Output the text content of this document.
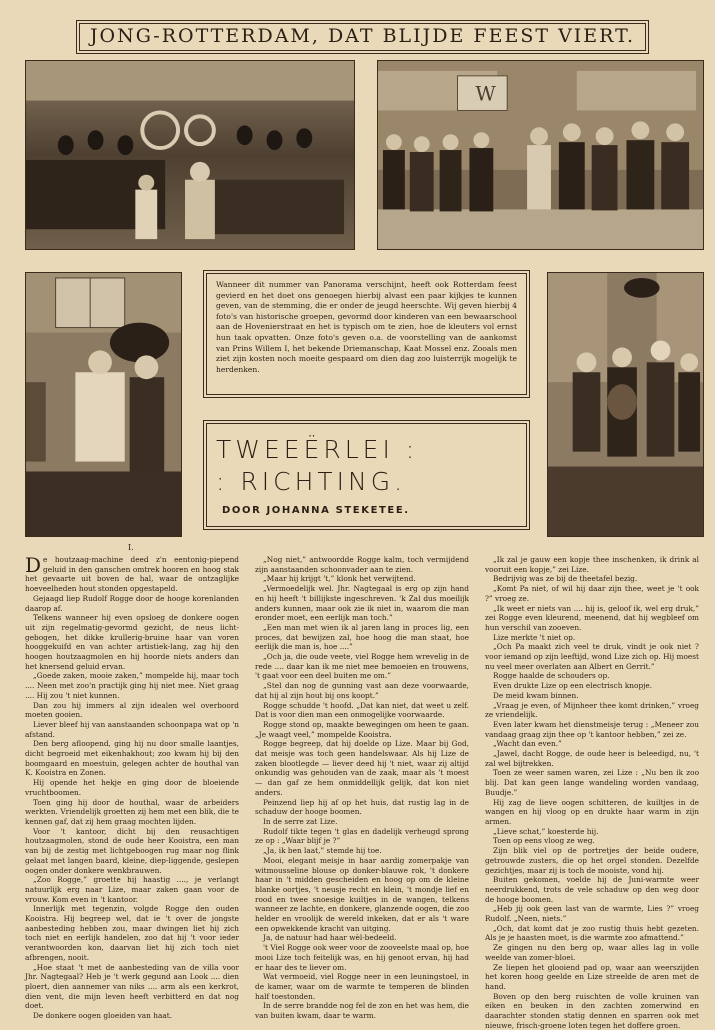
JONG-ROTTERDAM, DAT BLIJDE FEEST VIERT.
W

Wanneer dit nummer van Panorama verschijnt, heeft ook Rotterdam feest gevierd en het doet ons genoegen hierbij alvast een paar kijkjes te kunnen geven, van de stemming, die er onder de jeugd heerschte. Wij geven hierbij 4 foto's van historische groepen, gevormd door kinderen van een bewaarschool aan de Hovenierstraat en het is typisch om te zien, hoe de kleuters vol ernst hun taak opvatten. Onze foto's geven o.a. de voorstelling van de aankomst van Prins Willem I, het bekende Driemanschap, Kaat Mossel enz. Zooals men ziet zijn kosten noch moeite gespaard om dien dag zoo luisterrijk mogelijk te herdenken.

TWEEËRLEI :
: RICHTING.
DOOR JOHANNA STEKETEE.
I.
D e houtzaag-machine deed z'n eentonig-piepend geluid in den ganschen omtrek hooren en hoog stak het gevaarte uit boven de hal, waar de ontzaglijke hoeveelheden hout stonden opgestapeld.

Gejaagd liep Rudolf Rogge door de hooge korenlanden daarop af.

Telkens wanneer hij even opsloeg de donkere oogen uit zijn regelmatig-gevormd gezicht, de neus licht-gebogen, het dikke krullerig-bruine haar van voren hooggekuifd en van achter artistiek-lang, zag hij den hoogen houtzaagmolen en hij hoorde niets anders dan het knersend geluid ervan.

„Goede zaken, mooie zaken,” mompelde hij, maar toch .... Neen met zoo'n practijk ging hij niet mee. Niet graag .... Hij zou 't niet kunnen.

Dan zou hij immers al zijn idealen wel overboord moeten gooien.

Liever bleef hij van aanstaanden schoonpapa wat op 'n afstand.

Den berg afloopend, ging hij nu door smalle laantjes, dicht begroeid met eikenhakhout; zoo kwam hij bij den boomgaard en moestuin, gelegen achter de houthal van K. Kooistra en Zonen.

Hij opende het hekje en ging door de bloeiende vruchtboomen.

Toen ging hij door de houthal, waar de arbeiders werkten. Vriendelijk groetten zij hem met een blik, die te kennen gaf, dat zij hem graag mochten lijden.

Voor 't kantoor, dicht bij den reusachtigen houtzaagmolen, stond de oude heer Kooistra, een man van bij de zestig met lichtgeboogen rug maar nog flink gelaat met langen baard, kleine, diep-liggende, geslepen oogen onder donkere wenkbrauwen.

„Zoo Rogge,” groette hij haastig ...., je verlangt natuurlijk erg naar Lize, maar zaken gaan voor de vrouw. Kom even in 't kantoor.

Innerlijk met tegenzin, volgde Rogge den ouden Kooistra. Hij begreep wel, dat ie 't over de jongste aanbesteding hebben zou, maar dwingen liet hij zich toch niet en eerlijk handelen, zoo dat hij 't voor ieder verantwoorden kon, daarvan liet hij zich toch niet afbrengen, nooit.

„Hoe staat 't met de aanbesteding van de villa voor Jhr. Nagtegaal? Heb je 't werk gegund aan Look .... dien ploert, dien aannemer van niks .... arm als een kerkrot, dien vent, die mijn leven heeft verbitterd en dat nog doet.

De donkere oogen gloeiden van haat.

„Nog niet,” antwoordde Rogge kalm, toch vermijdend zijn aanstaanden schoonvader aan te zien.

„Maar hij krijgt 't,” klonk het verwijtend.

„Vermoedelijk wel. Jhr. Nagtegaal is erg op zijn hand en hij heeft 't billijkste ingeschreven. 'k Zal dus moeilijk anders kunnen, maar ook zie ik niet in, waarom die man eronder moet, een eerlijk man toch.”

„Een man met wien ik al jaren lang in proces lig, een proces, dat bewijzen zal, hoe hoog die man staat, hoe eerlijk die man is, hoe ....”

„Och ja, die oude veete, viel Rogge hem wrevelig in de rede .... daar kan ik me niet mee bemoeien en trouwens, 't gaat voor een deel buiten me om.”

„Stel dan nog de gunning vast aan deze voorwaarde, dat hij al zijn hout bij ons koopt.”

Rogge schudde 't hoofd. „Dat kan niet, dat weet u zelf. Dat is voor dien man een onmogelijke voorwaarde.

Rogge stond op, maakte bewegingen om heen te gaan. „Je waagt veel,” mompelde Kooistra.

Rogge begreep, dat hij doelde op Lize. Maar bij God, dat meisje was toch geen handelswaar. Als hij Lize de zaken blootlegde — liever deed hij 't niet, waar zij altijd onkundig was gehouden van de zaak, maar als 't moest — dan gaf ze hem onmiddellijk gelijk, dat kon niet anders.

Peinzend liep hij af op het huis, dat rustig lag in de schaduw der hooge boomen.

In de serre zat Lize.

Rudolf tikte tegen 't glas en dadelijk verheugd sprong ze op : „Waar blijf je ?”

„Ja, ik ben laat,” stemde hij toe.

Mooi, elegant meisje in haar aardig zomerpakje van witmousseline blouse op donker-blauwe rok, 't donkere haar in 't midden gescheiden en hoog op om de kleine blanke oortjes, 't neusje recht en klein, 't mondje lief en rood en twee snoesige kuiltjes in de wangen, telkens wanneer ze lachte, en donkere, glanzende oogen, die zoo helder en vroolijk de wereld inkeken, dat er als 't ware een opwekkende kracht van uitging.

Ja, de natuur had haar wèl-bedeeld.

't Viel Rogge ook weer voor de zooveelste maal op, hoe mooi Lize toch feitelijk was, en hij genoot ervan, hij had er haar des te liever om.

Wat vermoeid, viel Rogge neer in een leuningstoel, in de kamer, waar om de warmte te temperen de blinden half toestonden.

In de serre brandde nog fel de zon en het was hem, die van buiten kwam, daar te warm.

„Ik zal je gauw een kopje thee inschenken, ik drink al vooruit een kopje,” zei Lize.

Bedrijvig was ze bij de theetafel bezig.

„Komt Pa niet, of wil hij daar zijn thee, weet je 't ook ?” vroeg ze.

„Ik weet er niets van .... hij is, geloof ik, wel erg druk,” zei Rogge even kleurend, meenend, dat hij wegbleef om hun verschil van zooeven.

Lize merkte 't niet op.

„Och Pa maakt zich veel te druk, vindt je ook niet ? voor iemand op zijn leeftijd, wond Lize zich op. Hij moest nu veel meer overlaten aan Albert en Gerrit.”

Rogge haalde de schouders op.

Even drukte Lize op een electrisch knopje.

De meid kwam binnen.

„Vraag je even, of Mijnheer thee komt drinken,” vroeg ze vriendelijk.

Even later kwam het dienstmeisje terug : „Meneer zou vandaag graag zijn thee op 't kantoor hebben,” zei ze.

„Wacht dan even.”

„Jawel, dacht Rogge, de oude heer is beleedigd, nu, 't zal wel bijtrekken.

Toen ze weer samen waren, zei Lize : „Nu ben ik zoo blij. Dat kan geen lange wandeling worden vandaag, Buudje.”

Hij zag de lieve oogen schitteren, de kuiltjes in de wangen en hij vloog op en drukte haar warm in zijn armen.

„Lieve schat,” koesterde hij.

Toen op eens vloog ze weg.

Zijn blik viel op de portretjes der beide oudere, getrouwde zusters, die op het orgel stonden. Dezelfde gezichtjes, maar zij is toch de mooiste, vond hij.

Buiten gekomen, voelde hij de Juni-warmte weer neerdrukkend, trots de vele schaduw op den weg door de hooge boomen.

„Heb jij ook geen last van de warmte, Lies ?” vroeg Rudolf. „Neen, niets.”

„Och, dat komt dat je zoo rustig thuis hebt gezeten. Als je je haasten moet, is die warmte zoo afmattend.”

Ze gingen nu den berg op, waar alles lag in volle weelde van zomer-bloei.

Ze liepen het glooiend pad op, waar aan weerszijden het koren hoog geelde en Lize streelde de aren met de hand.

Boven op den berg ruischten de volle kruinen van eiken en beuken in den zachten zomerwind en daarachter stonden statig dennen en sparren ook met nieuwe, frisch-groene loten tegen het doffere groen.
